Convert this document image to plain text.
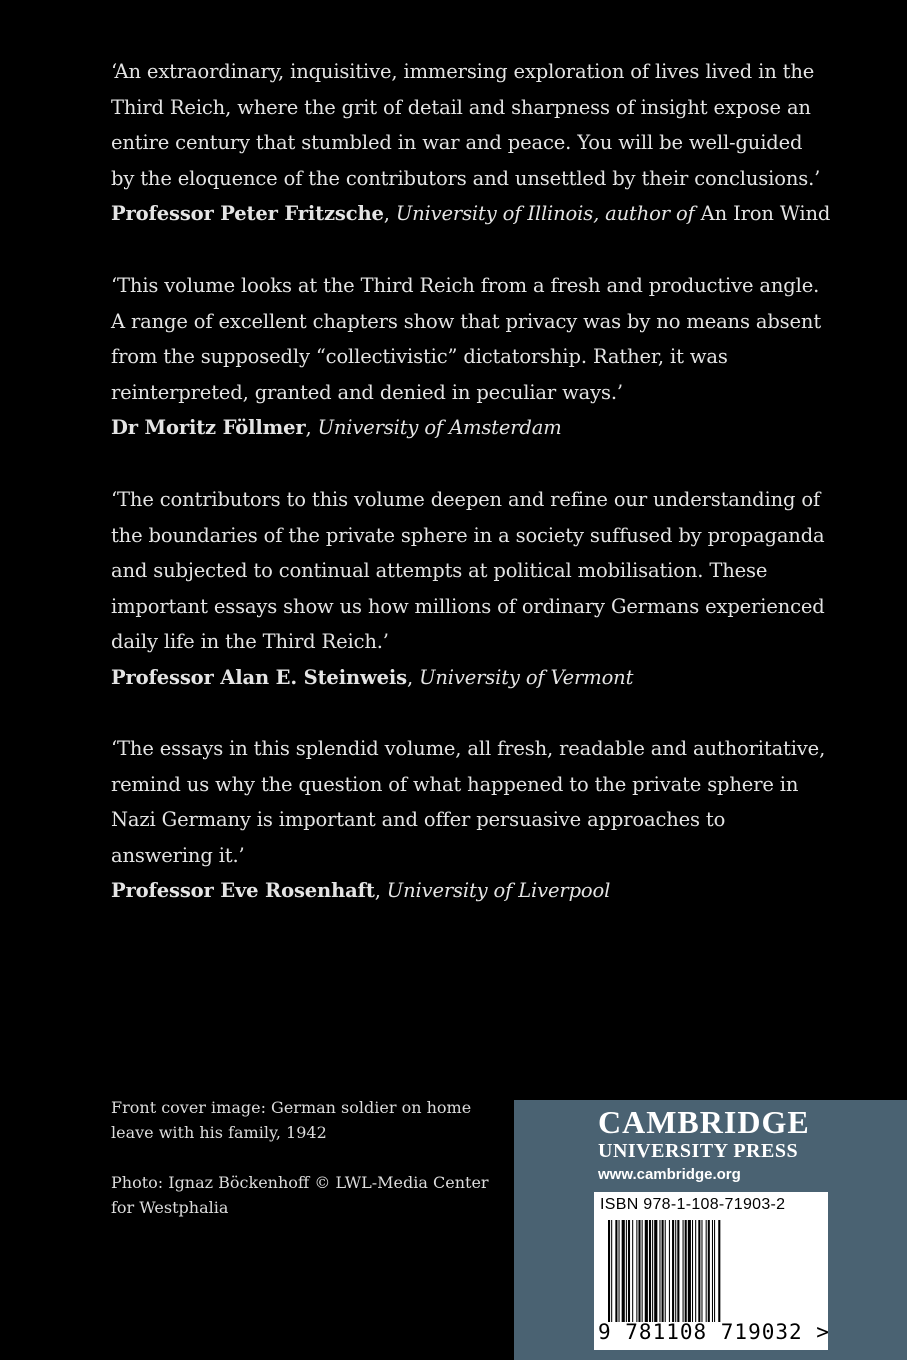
‘An extraordinary, inquisitive, immersing exploration of lives lived in the Third Reich, where the grit of detail and sharpness of insight expose an entire century that stumbled in war and peace. You will be well-guided by the eloquence of the contributors and unsettled by their conclusions.’

Professor Peter Fritzsche, University of Illinois, author of An Iron Wind

‘This volume looks at the Third Reich from a fresh and productive angle. A range of excellent chapters show that privacy was by no means absent from the supposedly “collectivistic” dictatorship. Rather, it was reinterpreted, granted and denied in peculiar ways.’

Dr Moritz Föllmer, University of Amsterdam

‘The contributors to this volume deepen and refine our understanding of the boundaries of the private sphere in a society suffused by propaganda and subjected to continual attempts at political mobilisation. These important essays show us how millions of ordinary Germans experienced daily life in the Third Reich.’

Professor Alan E. Steinweis, University of Vermont

‘The essays in this splendid volume, all fresh, readable and authoritative, remind us why the question of what happened to the private sphere in Nazi Germany is important and offer persuasive approaches to answering it.’

Professor Eve Rosenhaft, University of Liverpool

Front cover image: German soldier on home leave with his family, 1942

Photo: Ignaz Böckenhoff © LWL-Media Center for Westphalia

CAMBRIDGE
UNIVERSITY PRESS
www.cambridge.org
ISBN 978-1-108-71903-2
9 781108 719032 >
